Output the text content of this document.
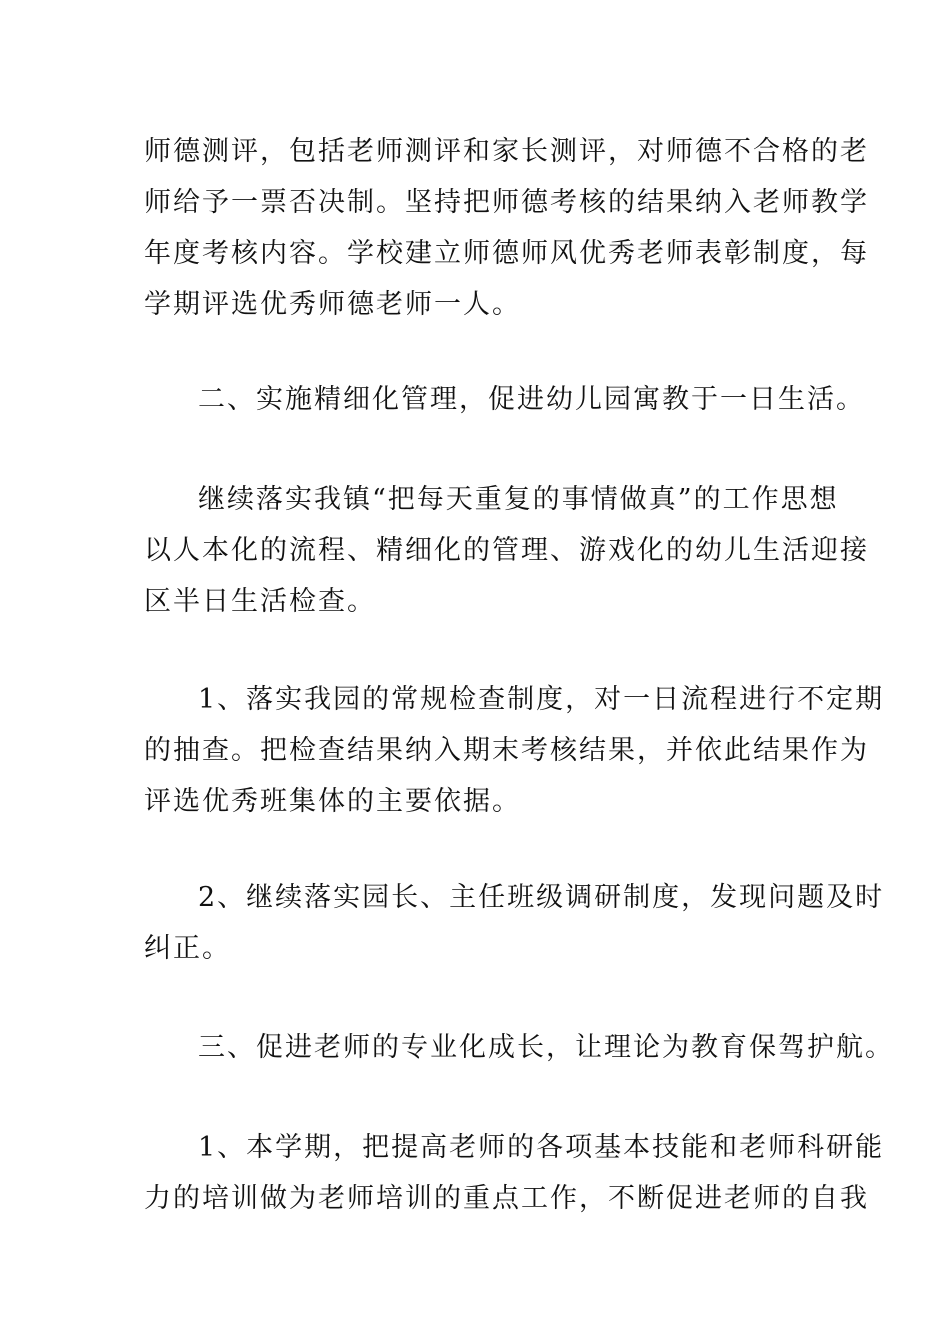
师德测评，包括老师测评和家长测评，对师德不合格的老
师给予一票否决制。坚持把师德考核的结果纳入老师教学
年度考核内容。学校建立师德师风优秀老师表彰制度，每
学期评选优秀师德老师一人。
二、实施精细化管理，促进幼儿园寓教于一日生活。
继续落实我镇“把每天重复的事情做真”的工作思想
以人本化的流程、精细化的管理、游戏化的幼儿生活迎接
区半日生活检查。
1、落实我园的常规检查制度，对一日流程进行不定期
的抽查。把检查结果纳入期末考核结果，并依此结果作为
评选优秀班集体的主要依据。
2、继续落实园长、主任班级调研制度，发现问题及时
纠正。
三、促进老师的专业化成长，让理论为教育保驾护航。
1、本学期，把提高老师的各项基本技能和老师科研能
力的培训做为老师培训的重点工作，不断促进老师的自我
